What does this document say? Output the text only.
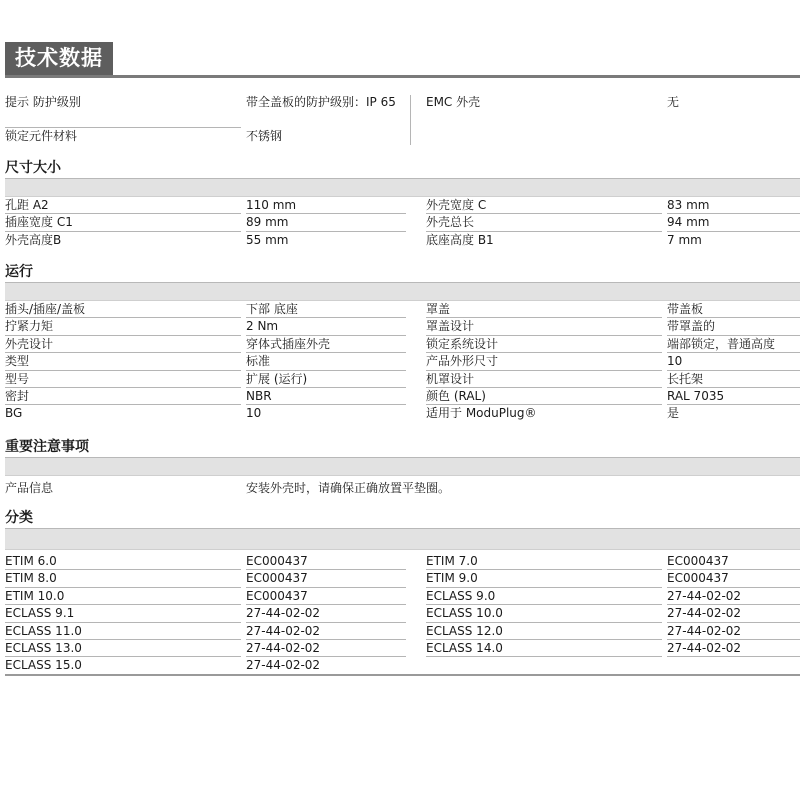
技术数据
提示 防护级别	带全盖板的防护级别：IP 65	EMC 外壳	无
锁定元件材料	不锈钢
尺寸大小
孔距 A2	110 mm	外壳宽度 C	83 mm
插座宽度 C1	89 mm	外壳总长	94 mm
外壳高度B	55 mm	底座高度 B1	7 mm
运行
插头/插座/盖板	下部 底座	罩盖	带盖板
拧紧力矩	2 Nm	罩盖设计	带罩盖的
外壳设计	穿体式插座外壳	锁定系统设计	端部锁定，普通高度
类型	标准	产品外形尺寸	10
型号	扩展 (运行)	机罩设计	长托架
密封	NBR	颜色 (RAL)	RAL 7035
BG	10	适用于 ModuPlug®	是
重要注意事项
产品信息	安装外壳时，请确保正确放置平垫圈。
分类
ETIM 6.0	EC000437	ETIM 7.0	EC000437
ETIM 8.0	EC000437	ETIM 9.0	EC000437
ETIM 10.0	EC000437	ECLASS 9.0	27-44-02-02
ECLASS 9.1	27-44-02-02	ECLASS 10.0	27-44-02-02
ECLASS 11.0	27-44-02-02	ECLASS 12.0	27-44-02-02
ECLASS 13.0	27-44-02-02	ECLASS 14.0	27-44-02-02
ECLASS 15.0	27-44-02-02
